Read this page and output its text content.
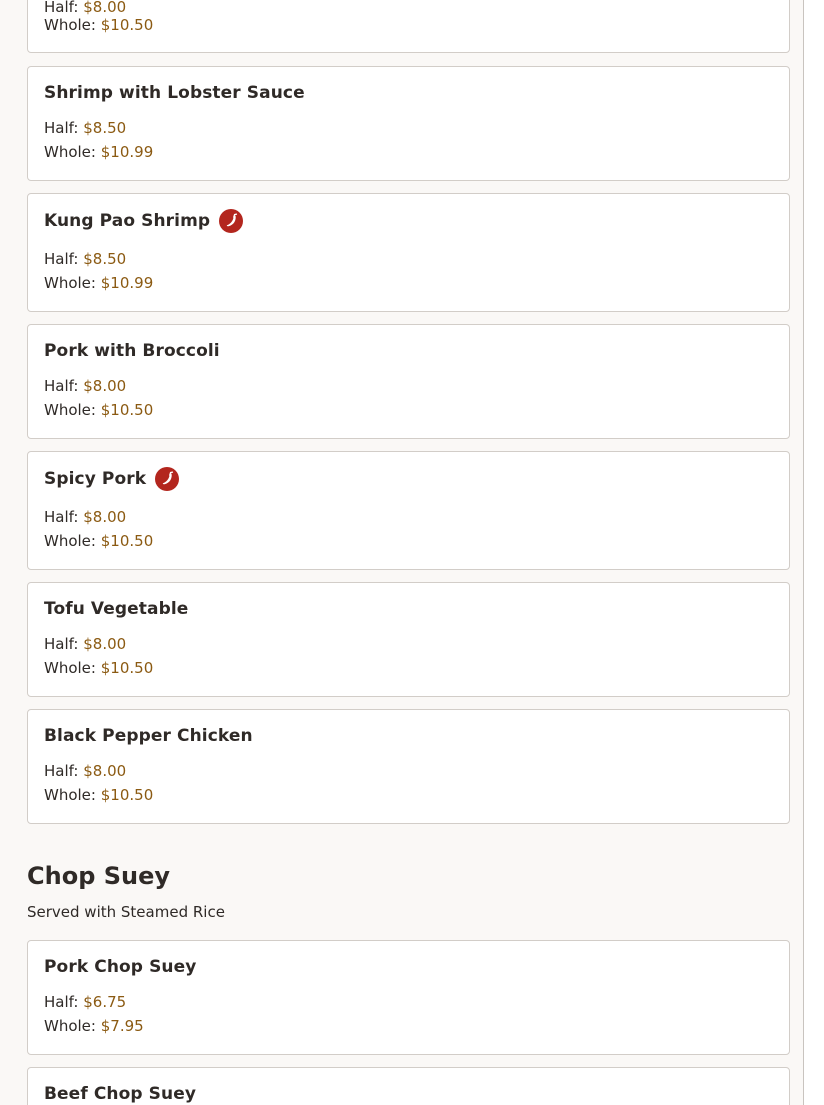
Half: $8.00
Whole: $10.50
Shrimp with Lobster Sauce
Half: $8.50
Whole: $10.99
Kung Pao Shrimp
Half: $8.50
Whole: $10.99
Pork with Broccoli
Half: $8.00
Whole: $10.50
Spicy Pork
Half: $8.00
Whole: $10.50
Tofu Vegetable
Half: $8.00
Whole: $10.50
Black Pepper Chicken
Half: $8.00
Whole: $10.50
Chop Suey
Served with Steamed Rice
Pork Chop Suey
Half: $6.75
Whole: $7.95
Beef Chop Suey
